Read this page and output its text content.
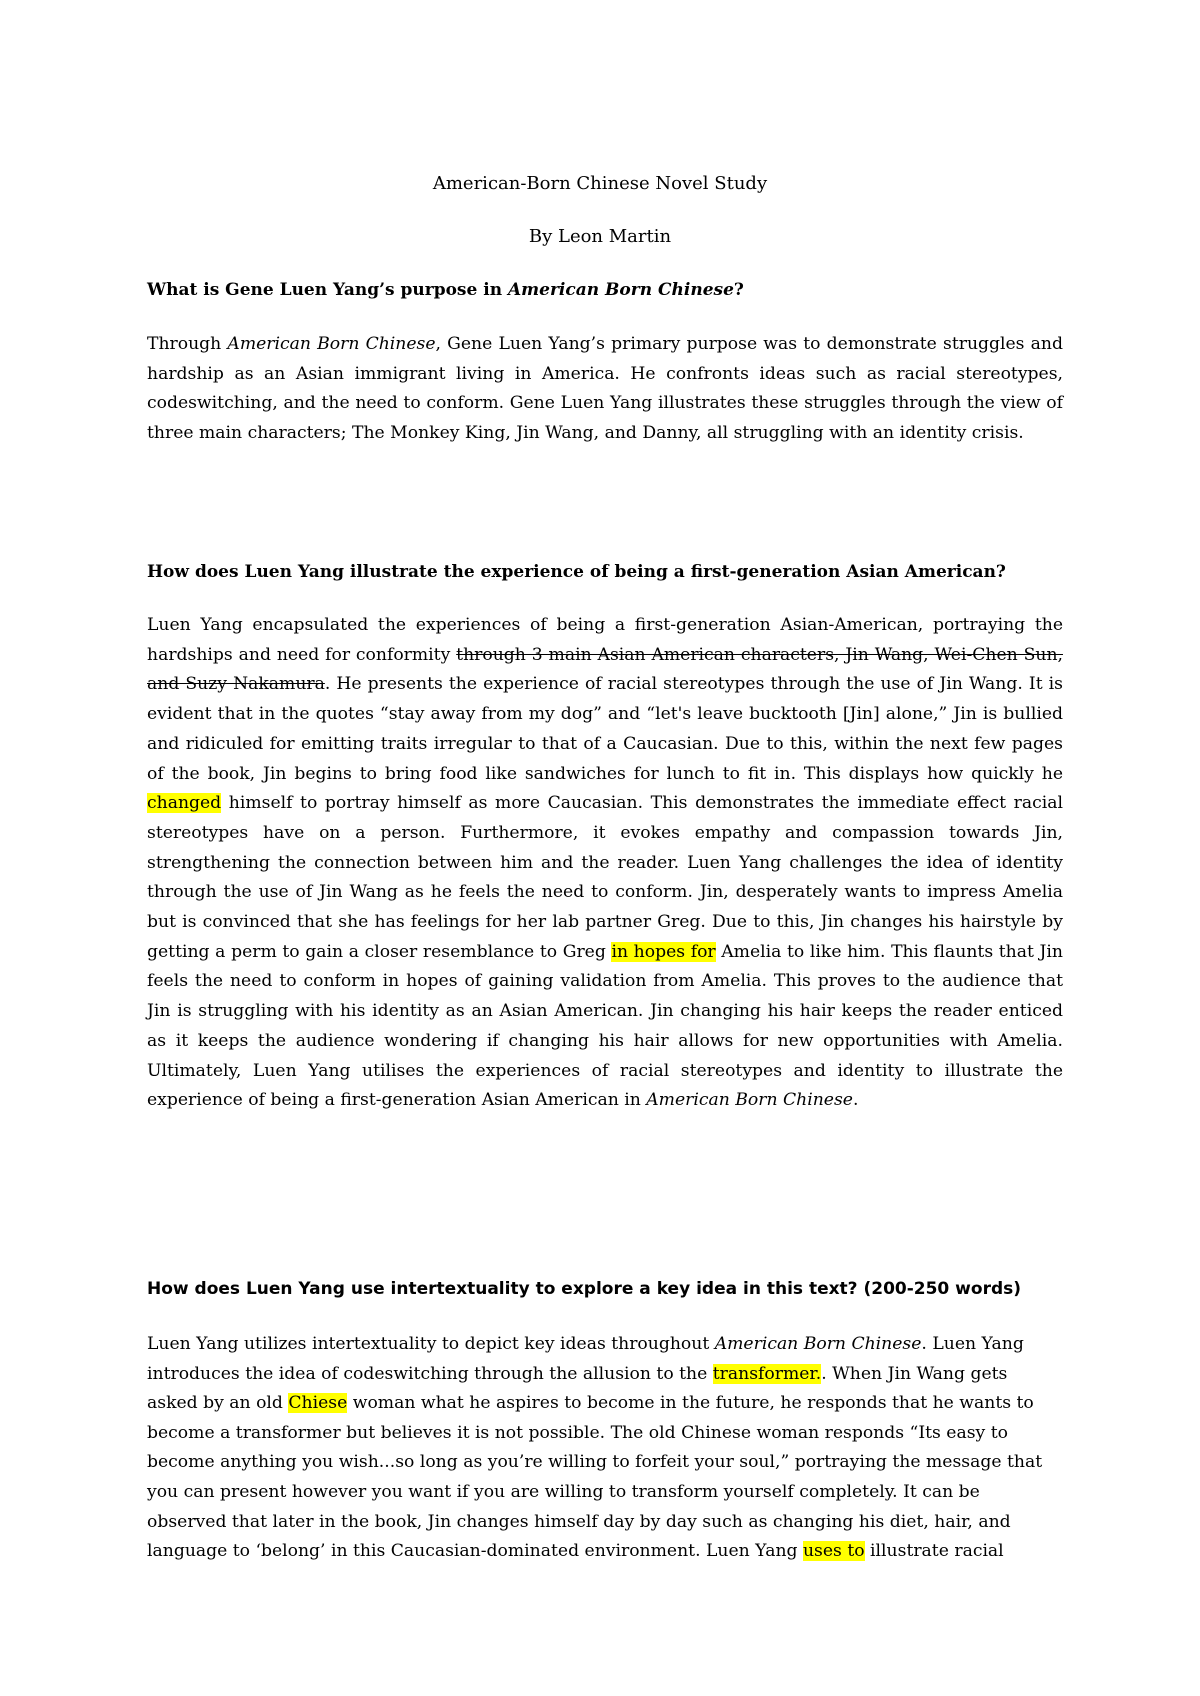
American-Born Chinese Novel Study

By Leon Martin

What is Gene Luen Yang’s purpose in American Born Chinese?

Through American Born Chinese, Gene Luen Yang’s primary purpose was to demonstrate struggles and hardship as an Asian immigrant living in America. He confronts ideas such as racial stereotypes, codeswitching, and the need to conform. Gene Luen Yang illustrates these struggles through the view of three main characters; The Monkey King, Jin Wang, and Danny, all struggling with an identity crisis.

How does Luen Yang illustrate the experience of being a first-generation Asian American?

Luen Yang encapsulated the experiences of being a first-generation Asian-American, portraying the hardships and need for conformity through 3 main Asian American characters, Jin Wang, Wei-Chen Sun, and Suzy Nakamura. He presents the experience of racial stereotypes through the use of Jin Wang. It is evident that in the quotes “stay away from my dog” and “let's leave bucktooth [Jin] alone,” Jin is bullied and ridiculed for emitting traits irregular to that of a Caucasian. Due to this, within the next few pages of the book, Jin begins to bring food like sandwiches for lunch to fit in. This displays how quickly he changed himself to portray himself as more Caucasian. This demonstrates the immediate effect racial stereotypes have on a person. Furthermore, it evokes empathy and compassion towards Jin, strengthening the connection between him and the reader. Luen Yang challenges the idea of identity through the use of Jin Wang as he feels the need to conform. Jin, desperately wants to impress Amelia but is convinced that she has feelings for her lab partner Greg. Due to this, Jin changes his hairstyle by getting a perm to gain a closer resemblance to Greg in hopes for Amelia to like him. This flaunts that Jin feels the need to conform in hopes of gaining validation from Amelia. This proves to the audience that Jin is struggling with his identity as an Asian American. Jin changing his hair keeps the reader enticed as it keeps the audience wondering if changing his hair allows for new opportunities with Amelia. Ultimately, Luen Yang utilises the experiences of racial stereotypes and identity to illustrate the experience of being a first-generation Asian American in American Born Chinese.

How does Luen Yang use intertextuality to explore a key idea in this text? (200-250 words)

Luen Yang utilizes intertextuality to depict key ideas throughout American Born Chinese. Luen Yang introduces the idea of codeswitching through the allusion to the transformer.. When Jin Wang gets asked by an old Chiese woman what he aspires to become in the future, he responds that he wants to become a transformer but believes it is not possible. The old Chinese woman responds “Its easy to become anything you wish...so long as you’re willing to forfeit your soul,” portraying the message that you can present however you want if you are willing to transform yourself completely. It can be observed that later in the book, Jin changes himself day by day such as changing his diet, hair, and language to ‘belong’ in this Caucasian-dominated environment. Luen Yang uses to illustrate racial
